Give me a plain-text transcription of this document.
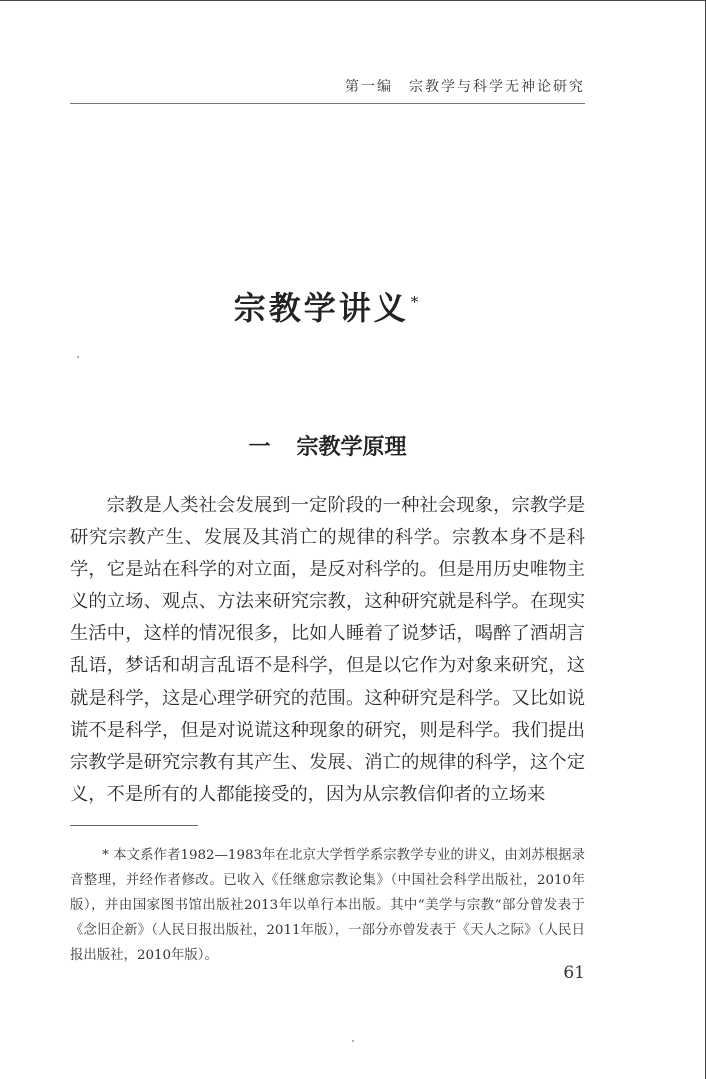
第一编　宗教学与科学无神论研究
宗教学讲义 *
一 宗教学原理

宗教是人类社会发展到一定阶段的一种社会现象，宗教学是研究宗教产生、发展及其消亡的规律的科学。宗教本身不是科学，它是站在科学的对立面，是反对科学的。但是用历史唯物主义的立场、观点、方法来研究宗教，这种研究就是科学。在现实生活中，这样的情况很多，比如人睡着了说梦话，喝醉了酒胡言乱语，梦话和胡言乱语不是科学，但是以它作为对象来研究，这就是科学，这是心理学研究的范围。这种研究是科学。又比如说谎不是科学，但是对说谎这种现象的研究，则是科学。我们提出宗教学是研究宗教有其产生、发展、消亡的规律的科学，这个定义，不是所有的人都能接受的，因为从宗教信仰者的立场来

* 本文系作者1982—1983年在北京大学哲学系宗教学专业的讲义，由刘苏根据录音整理，并经作者修改。已收入《任继愈宗教论集》（中国社会科学出版社，2010年版），并由国家图书馆出版社2013年以单行本出版。其中“美学与宗教”部分曾发表于《念旧企新》（人民日报出版社，2011年版），一部分亦曾发表于《天人之际》（人民日报出版社，2010年版）。

61
